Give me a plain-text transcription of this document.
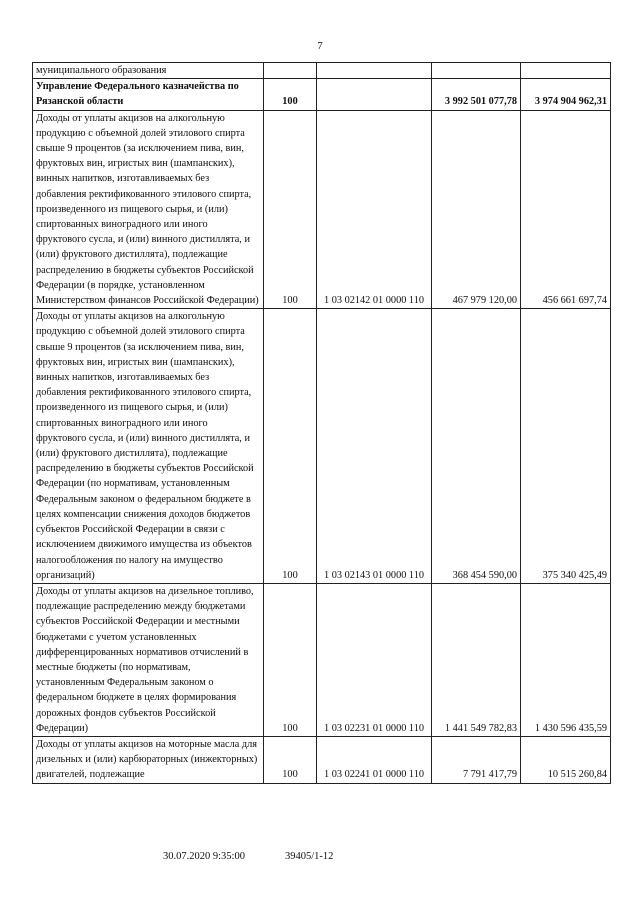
7
муниципального образования				

Управление Федерального казначейства по Рязанской области	100		3 992 501 077,78	3 974 904 962,31

Доходы от уплаты акцизов на алкогольную продукцию с объемной долей этилового спирта свыше 9 процентов (за исключением пива, вин, фруктовых вин, игристых вин (шампанских), винных напитков, изготавливаемых без добавления ректификованного этилового спирта, произведенного из пищевого сырья, и (или) спиртованных виноградного или иного фруктового сусла, и (или) винного дистиллята, и (или) фруктового дистиллята), подлежащие распределению в бюджеты субъектов Российской Федерации (в порядке, установленном Министерством финансов Российской Федерации)	100	1 03 02142 01 0000 110	467 979 120,00	456 661 697,74

Доходы от уплаты акцизов на алкогольную продукцию с объемной долей этилового спирта свыше 9 процентов (за исключением пива, вин, фруктовых вин, игристых вин (шампанских), винных напитков, изготавливаемых без добавления ректификованного этилового спирта, произведенного из пищевого сырья, и (или) спиртованных виноградного или иного фруктового сусла, и (или) винного дистиллята, и (или) фруктового дистиллята), подлежащие распределению в бюджеты субъектов Российской Федерации (по нормативам, установленным Федеральным законом о федеральном бюджете в целях компенсации снижения доходов бюджетов субъектов Российской Федерации в связи с исключением движимого имущества из объектов налогообложения по налогу на имущество организаций)	100	1 03 02143 01 0000 110	368 454 590,00	375 340 425,49

Доходы от уплаты акцизов на дизельное топливо, подлежащие распределению между бюджетами субъектов Российской Федерации и местными бюджетами с учетом установленных дифференцированных нормативов отчислений в местные бюджеты (по нормативам, установленным Федеральным законом о федеральном бюджете в целях формирования дорожных фондов субъектов Российской Федерации)	100	1 03 02231 01 0000 110	1 441 549 782,83	1 430 596 435,59

Доходы от уплаты акцизов на моторные масла для дизельных и (или) карбюраторных (инжекторных) двигателей, подлежащие	100	1 03 02241 01 0000 110	7 791 417,79	10 515 260,84
30.07.2020 9:35:00	39405/1-12
